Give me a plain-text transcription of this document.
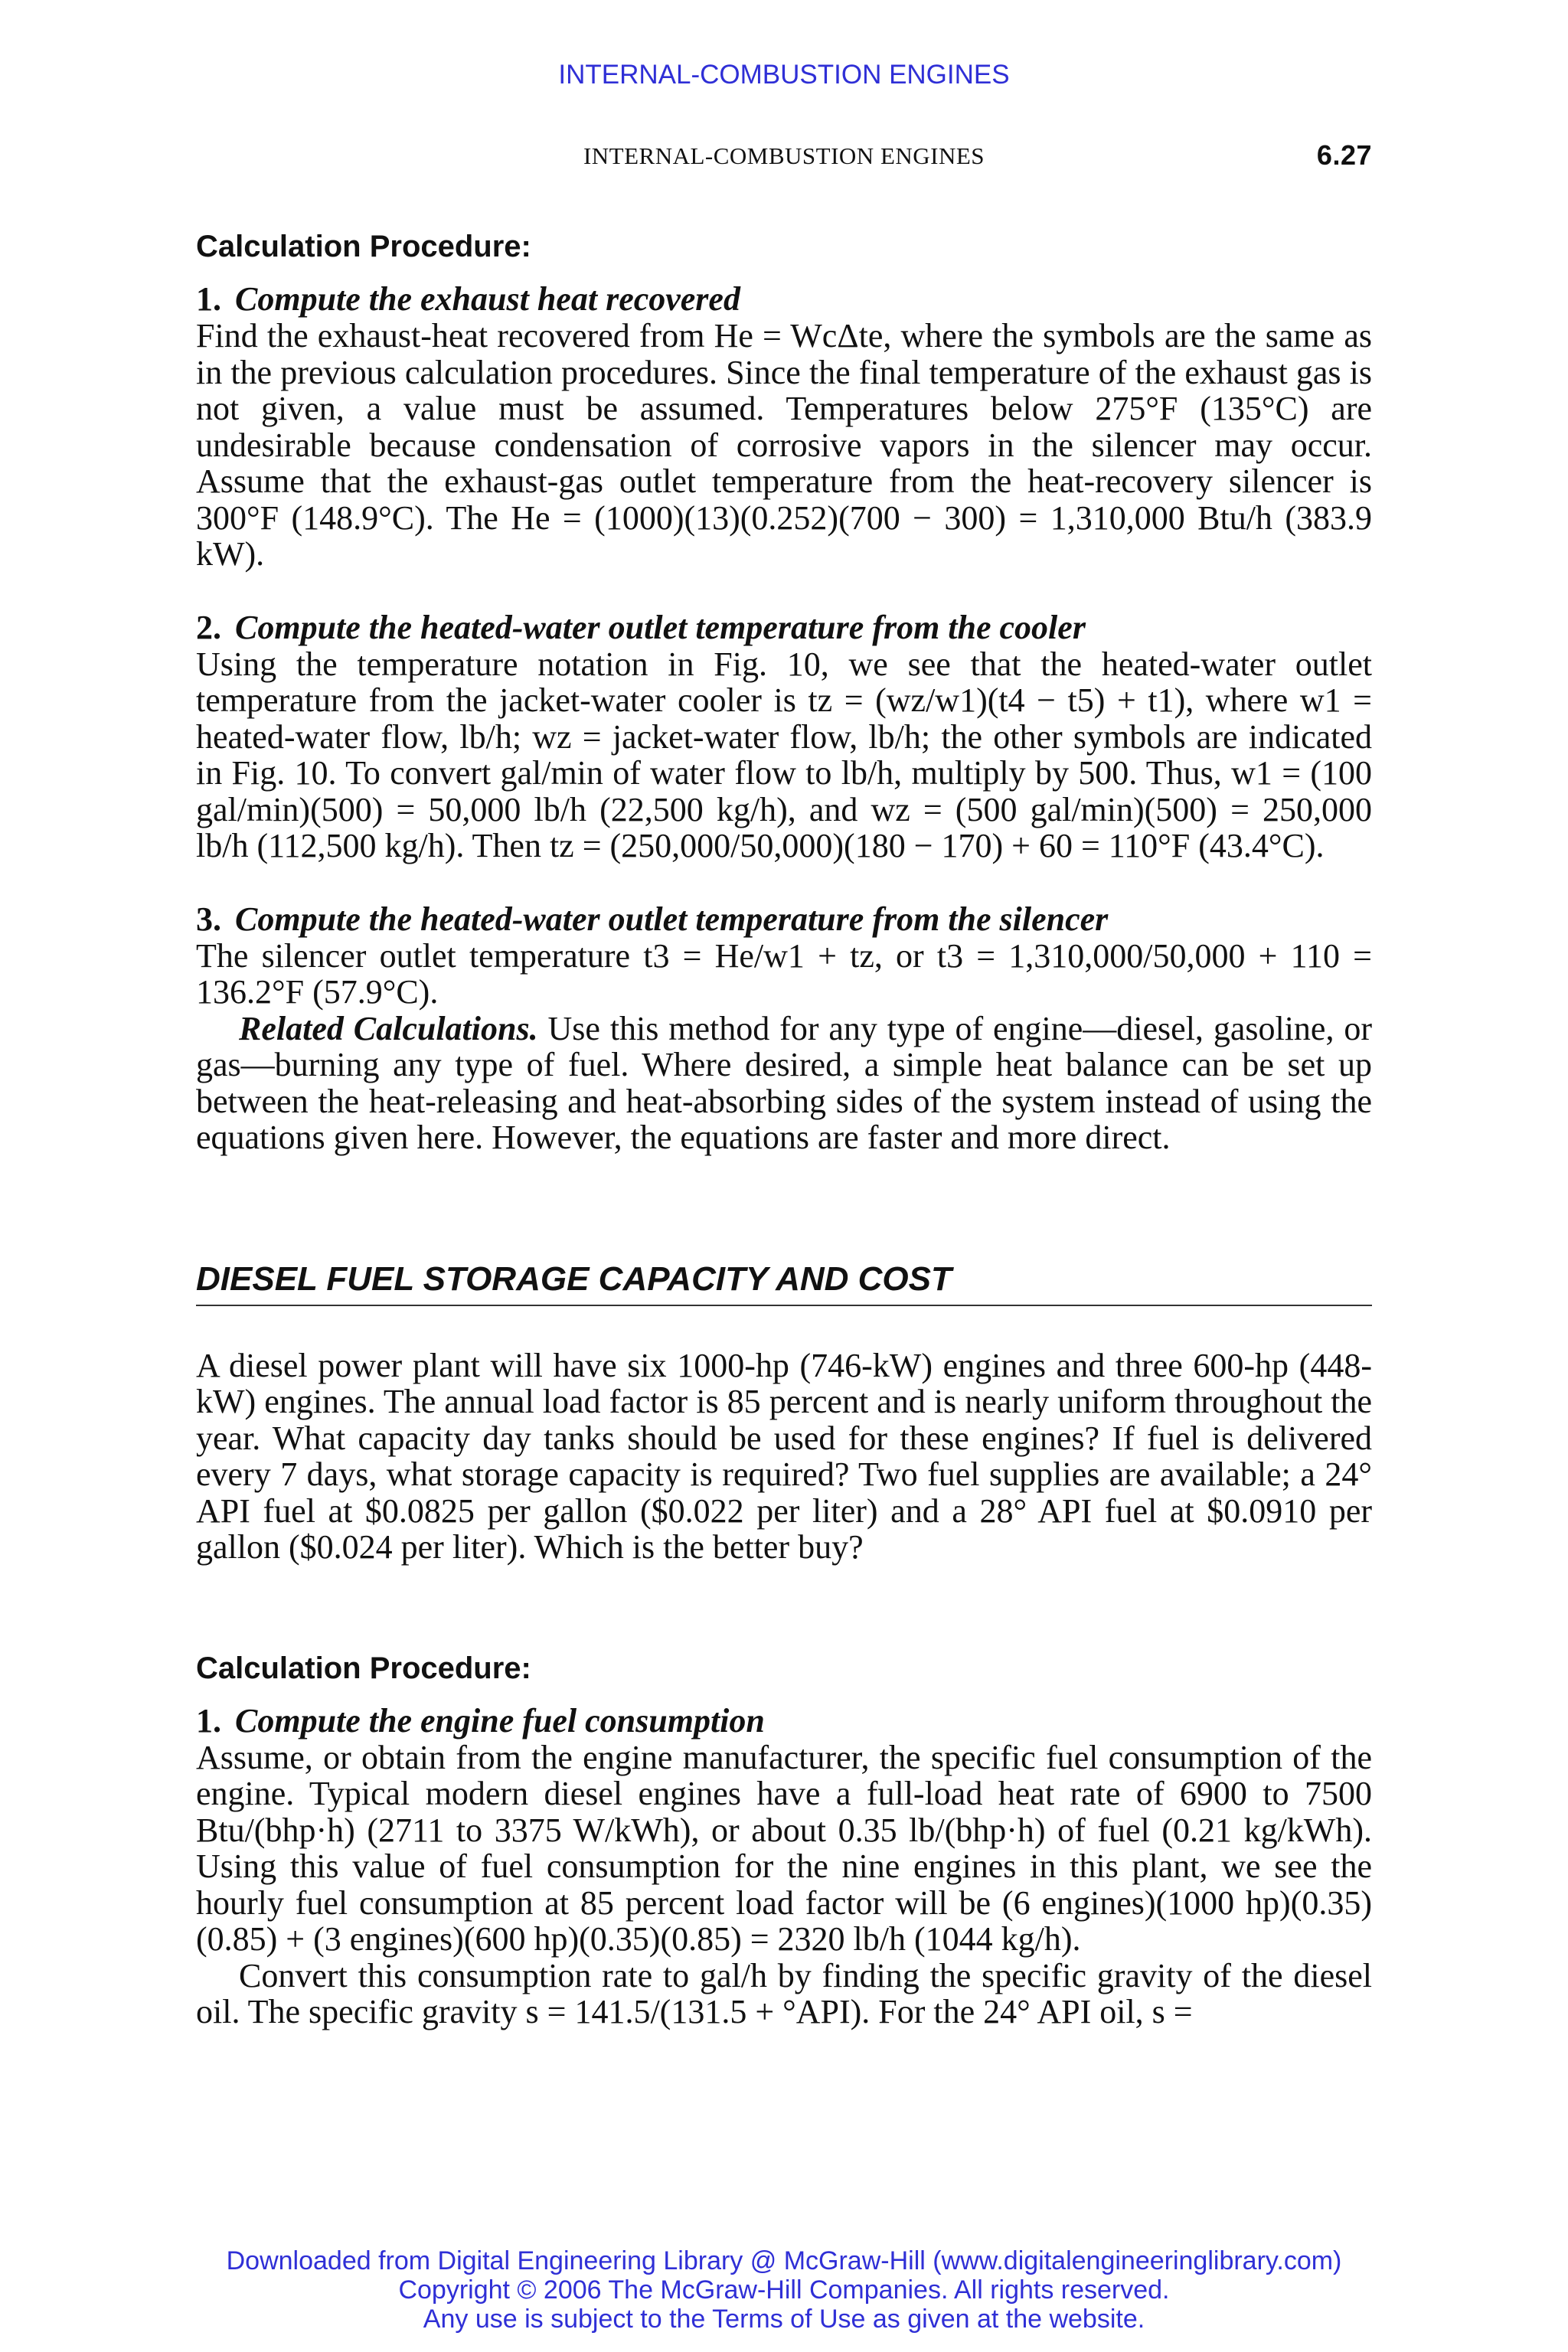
INTERNAL-COMBUSTION ENGINES
INTERNAL-COMBUSTION ENGINES	6.27
Calculation Procedure:
1. Compute the exhaust heat recovered

Find the exhaust-heat recovered from He = WcΔte, where the symbols are the same as in the previous calculation procedures. Since the final temperature of the exhaust gas is not given, a value must be assumed. Temperatures below 275°F (135°C) are undesirable because condensation of corrosive vapors in the silencer may occur. Assume that the exhaust-gas outlet temperature from the heat-recovery silencer is 300°F (148.9°C). The He = (1000)(13)(0.252)(700 − 300) = 1,310,000 Btu/h (383.9 kW).

2. Compute the heated-water outlet temperature from the cooler

Using the temperature notation in Fig. 10, we see that the heated-water outlet temperature from the jacket-water cooler is tz = (wz/w1)(t4 − t5) + t1), where w1 = heated-water flow, lb/h; wz = jacket-water flow, lb/h; the other symbols are indicated in Fig. 10. To convert gal/min of water flow to lb/h, multiply by 500. Thus, w1 = (100 gal/min)(500) = 50,000 lb/h (22,500 kg/h), and wz = (500 gal/min)(500) = 250,000 lb/h (112,500 kg/h). Then tz = (250,000/50,000)(180 − 170) + 60 = 110°F (43.4°C).

3. Compute the heated-water outlet temperature from the silencer

The silencer outlet temperature t3 = He/w1 + tz, or t3 = 1,310,000/50,000 + 110 = 136.2°F (57.9°C).

Related Calculations. Use this method for any type of engine—diesel, gasoline, or gas—burning any type of fuel. Where desired, a simple heat balance can be set up between the heat-releasing and heat-absorbing sides of the system instead of using the equations given here. However, the equations are faster and more direct.

DIESEL FUEL STORAGE CAPACITY AND COST

A diesel power plant will have six 1000-hp (746-kW) engines and three 600-hp (448-kW) engines. The annual load factor is 85 percent and is nearly uniform throughout the year. What capacity day tanks should be used for these engines? If fuel is delivered every 7 days, what storage capacity is required? Two fuel supplies are available; a 24° API fuel at $0.0825 per gallon ($0.022 per liter) and a 28° API fuel at $0.0910 per gallon ($0.024 per liter). Which is the better buy?

Calculation Procedure:
1. Compute the engine fuel consumption

Assume, or obtain from the engine manufacturer, the specific fuel consumption of the engine. Typical modern diesel engines have a full-load heat rate of 6900 to 7500 Btu/(bhp·h) (2711 to 3375 W/kWh), or about 0.35 lb/(bhp·h) of fuel (0.21 kg/kWh). Using this value of fuel consumption for the nine engines in this plant, we see the hourly fuel consumption at 85 percent load factor will be (6 engines)(1000 hp)(0.35)(0.85) + (3 engines)(600 hp)(0.35)(0.85) = 2320 lb/h (1044 kg/h).

Convert this consumption rate to gal/h by finding the specific gravity of the diesel oil. The specific gravity s = 141.5/(131.5 + °API). For the 24° API oil, s =

Downloaded from Digital Engineering Library @ McGraw-Hill (www.digitalengineeringlibrary.com)
Copyright © 2006 The McGraw-Hill Companies. All rights reserved.
Any use is subject to the Terms of Use as given at the website.
